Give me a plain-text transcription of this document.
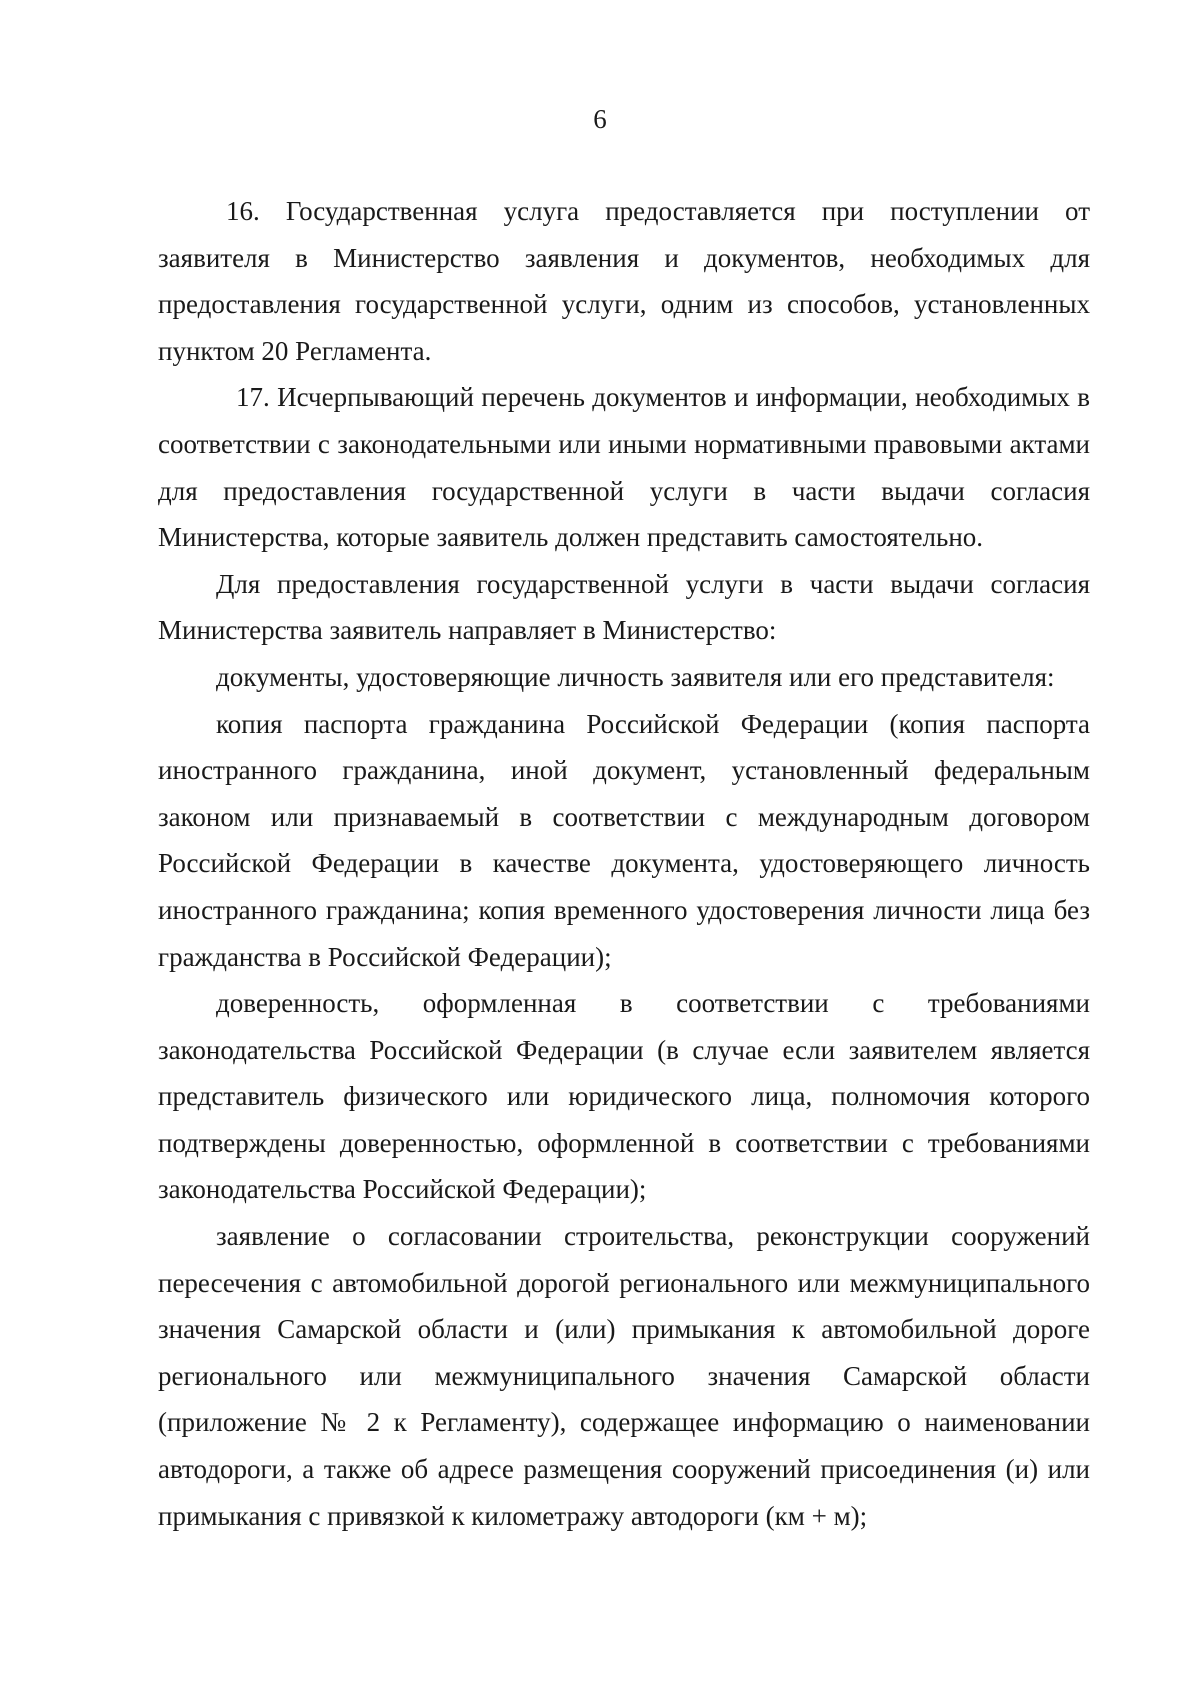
6

16. Государственная услуга предоставляется при поступлении от заявителя в Министерство заявления и документов, необходимых для предоставления государственной услуги, одним из способов, установленных пунктом 20 Регламента.

17. Исчерпывающий перечень документов и информации, необходимых в соответствии с законодательными или иными нормативными правовыми актами для предоставления государственной услуги в части выдачи согласия Министерства, которые заявитель должен представить самостоятельно.

Для предоставления государственной услуги в части выдачи согласия Министерства заявитель направляет в Министерство:

документы, удостоверяющие личность заявителя или его представителя:

копия паспорта гражданина Российской Федерации (копия паспорта иностранного гражданина, иной документ, установленный федеральным законом или признаваемый в соответствии с международным договором Российской Федерации в качестве документа, удостоверяющего личность иностранного гражданина; копия временного удостоверения личности лица без гражданства в Российской Федерации);

доверенность, оформленная в соответствии с требованиями законодательства Российской Федерации (в случае если заявителем является представитель физического или юридического лица, полномочия которого подтверждены доверенностью, оформленной в соответствии с требованиями законодательства Российской Федерации);

заявление о согласовании строительства, реконструкции сооружений пересечения с автомобильной дорогой регионального или межмуниципального значения Самарской области и (или) примыкания к автомобильной дороге регионального или межмуниципального значения Самарской области (приложение № 2 к Регламенту), содержащее информацию о наименовании автодороги, а также об адресе размещения сооружений присоединения (и) или примыкания с привязкой к километражу автодороги (км + м);
